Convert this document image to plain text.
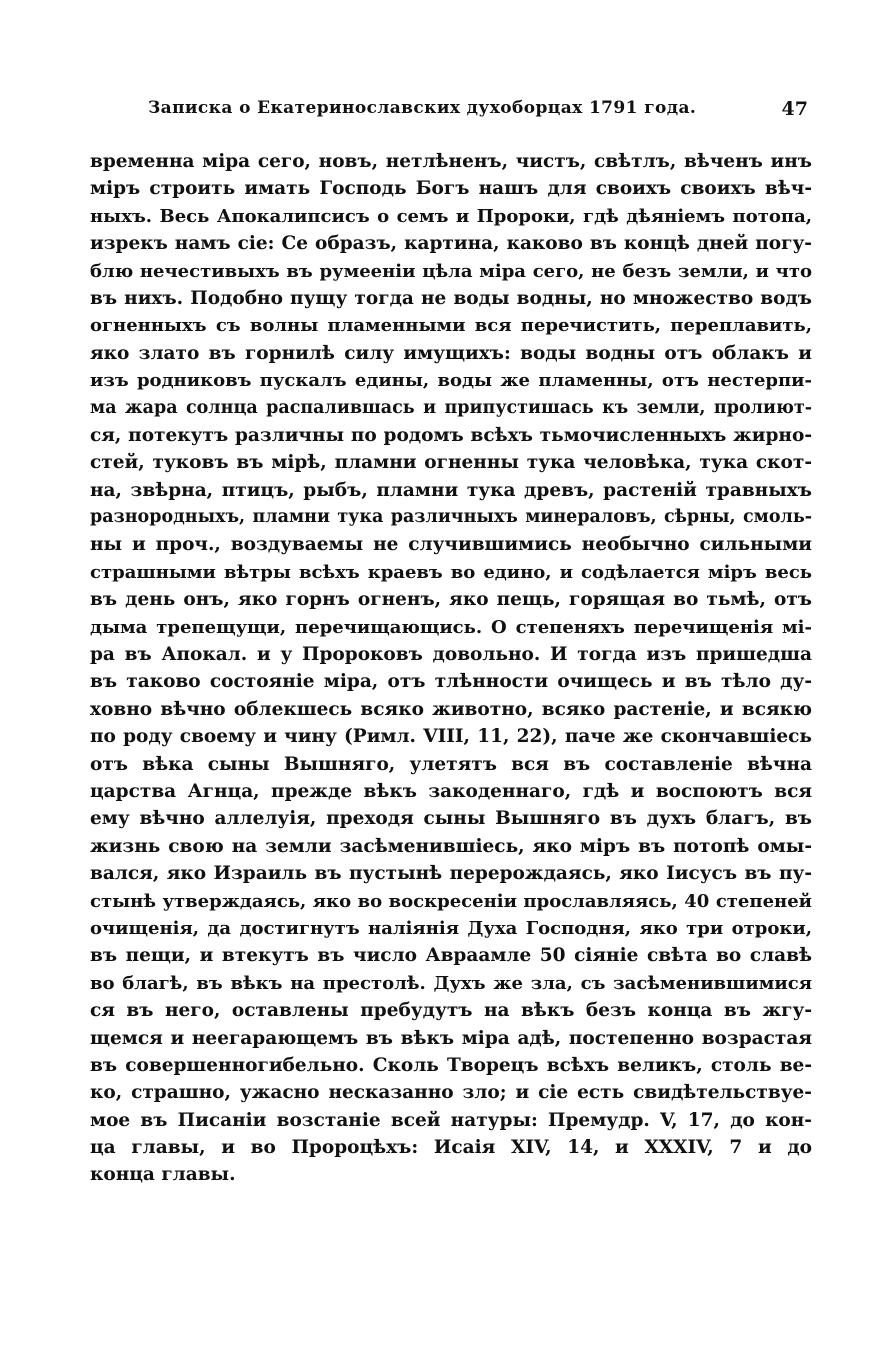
Записка о Екатеринославских духоборцах 1791 года.	47
временна міра сего, новъ, нетлѣненъ, чистъ, свѣтлъ, вѣченъ инъ
міръ строить имать Господь Богъ нашъ для своихъ своихъ вѣч-
ныхъ. Весь Апокалипсисъ о семъ и Пророки, гдѣ дѣяніемъ потопа,
изрекъ намъ сіе: Се образъ, картина, каково въ концѣ дней погу-
блю нечестивыхъ въ румееніи цѣла міра сего, не безъ земли, и что
въ нихъ. Подобно пущу тогда не воды водны, но множество водъ
огненныхъ съ волны пламенными вся перечистить, переплавить,
яко злато въ горнилѣ силу имущихъ: воды водны отъ облакъ и
изъ родниковъ пускалъ едины, воды же пламенны, отъ нестерпи-
ма жара солнца распалившась и припустишась къ земли, пролиют-
ся, потекутъ различны по родомъ всѣхъ тьмочисленныхъ жирно-
стей, туковъ въ мірѣ, пламни огненны тука человѣка, тука скот-
на, звѣрна, птицъ, рыбъ, пламни тука древъ, растеній травныхъ
разнородныхъ, пламни тука различныхъ минераловъ, сѣрны, смоль-
ны и проч., воздуваемы не случившимись необычно сильными
страшными вѣтры всѣхъ краевъ во едино, и содѣлается міръ весь
въ день онъ, яко горнъ огненъ, яко пещь, горящая во тьмѣ, отъ
дыма трепещущи, перечищающись. О степеняхъ перечищенія мі-
ра въ Апокал. и у Пророковъ довольно. И тогда изъ пришедша
въ таково состояніе міра, отъ тлѣнности очищесь и въ тѣло ду-
ховно вѣчно облекшесь всяко животно, всяко растеніе, и всякю
по роду своему и чину (Римл. VIII, 11, 22), паче же скончавшіесь
отъ вѣка сыны Вышняго, улетятъ вся въ составленіе вѣчна
царства Агнца, прежде вѣкъ закоденнаго, гдѣ и воспоютъ вся
ему вѣчно аллелуія, преходя сыны Вышняго въ духъ благъ, въ
жизнь свою на земли засѣменившіесь, яко міръ въ потопѣ омы-
вался, яко Израиль въ пустынѣ перерождаясь, яко Іисусъ въ пу-
стынѣ утверждаясь, яко во воскресеніи прославляясь, 40 степеней
очищенія, да достигнутъ наліянія Духа Господня, яко три отроки,
въ пещи, и втекутъ въ число Авраамле 50 сіяніе свѣта во славѣ
во благѣ, въ вѣкъ на престолѣ. Духъ же зла, съ засѣменившимися
ся въ него, оставлены пребудутъ на вѣкъ безъ конца въ жгу-
щемся и неегарающемъ въ вѣкъ міра адѣ, постепенно возрастая
въ совершенногибельно. Сколь Творецъ всѣхъ великъ, столь ве-
ко, страшно, ужасно несказанно зло; и сіе есть свидѣтельствуе-
мое въ Писаніи возстаніе всей натуры: Премудр. V, 17, до кон-
ца главы, и во Пророцѣхъ: Исаія XIV, 14, и XXXIV, 7 и до
конца главы.
